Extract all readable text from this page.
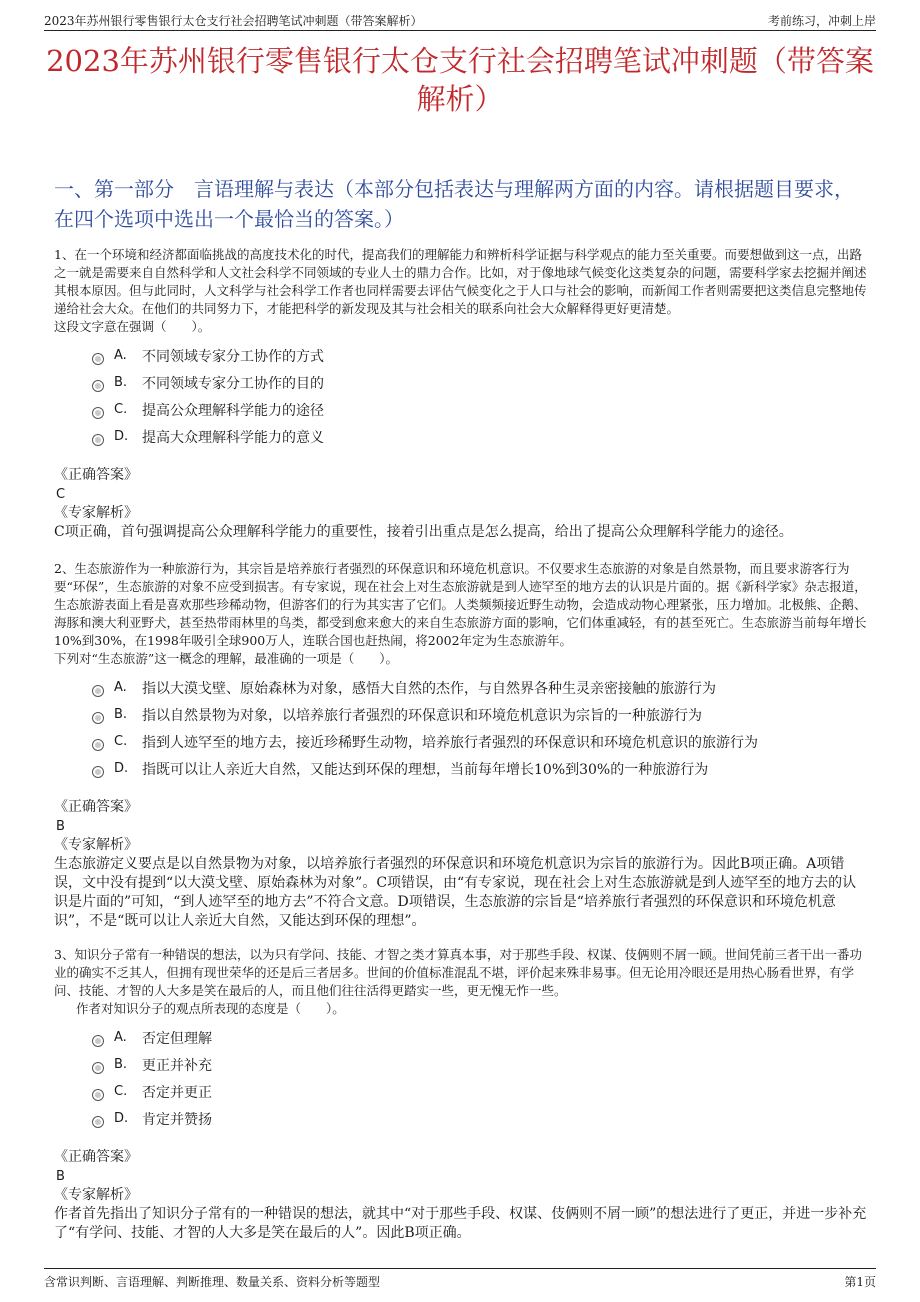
2023年苏州银行零售银行太仓支行社会招聘笔试冲刺题（带答案解析）	考前练习，冲刺上岸
2023年苏州银行零售银行太仓支行社会招聘笔试冲刺题（带答案解析）
一、第一部分　言语理解与表达（本部分包括表达与理解两方面的内容。请根据题目要求，在四个选项中选出一个最恰当的答案。）
1、在一个环境和经济都面临挑战的高度技术化的时代，提高我们的理解能力和辨析科学证据与科学观点的能力至关重要。而要想做到这一点，出路之一就是需要来自自然科学和人文社会科学不同领域的专业人士的鼎力合作。比如，对于像地球气候变化这类复杂的问题，需要科学家去挖掘并阐述其根本原因。但与此同时，人文科学与社会科学工作者也同样需要去评估气候变化之于人口与社会的影响，而新闻工作者则需要把这类信息完整地传递给社会大众。在他们的共同努力下，才能把科学的新发现及其与社会相关的联系向社会大众解释得更好更清楚。
这段文字意在强调（　　）。
A.	不同领域专家分工协作的方式
B.	不同领域专家分工协作的目的
C.	提高公众理解科学能力的途径
D. 提高大众理解科学能力的意义
《正确答案》
C
《专家解析》
C项正确，首句强调提高公众理解科学能力的重要性，接着引出重点是怎么提高，给出了提高公众理解科学能力的途径。
2、生态旅游作为一种旅游行为，其宗旨是培养旅行者强烈的环保意识和环境危机意识。不仅要求生态旅游的对象是自然景物，而且要求游客行为要“环保”，生态旅游的对象不应受到损害。有专家说，现在社会上对生态旅游就是到人迹罕至的地方去的认识是片面的。据《新科学家》杂志报道，生态旅游表面上看是喜欢那些珍稀动物，但游客们的行为其实害了它们。人类频频接近野生动物，会造成动物心理紧张，压力增加。北极熊、企鹅、海豚和澳大利亚野犬，甚至热带雨林里的鸟类，都受到愈来愈大的来自生态旅游方面的影响，它们体重减轻，有的甚至死亡。生态旅游当前每年增长10%到30%，在1998年吸引全球900万人，连联合国也赶热闹，将2002年定为生态旅游年。
下列对“生态旅游”这一概念的理解，最准确的一项是（　　）。
A.	指以大漠戈壁、原始森林为对象，感悟大自然的杰作，与自然界各种生灵亲密接触的旅游行为
B.	指以自然景物为对象，以培养旅行者强烈的环保意识和环境危机意识为宗旨的一种旅游行为
C.	指到人迹罕至的地方去，接近珍稀野生动物，培养旅行者强烈的环保意识和环境危机意识的旅游行为
D. 指既可以让人亲近大自然，又能达到环保的理想，当前每年增长10%到30%的一种旅游行为
《正确答案》
B
《专家解析》
生态旅游定义要点是以自然景物为对象，以培养旅行者强烈的环保意识和环境危机意识为宗旨的旅游行为。因此B项正确。A项错误，文中没有提到“以大漠戈壁、原始森林为对象”。C项错误，由“有专家说，现在社会上对生态旅游就是到人迹罕至的地方去的认识是片面的”可知，“到人迹罕至的地方去”不符合文意。D项错误，生态旅游的宗旨是“培养旅行者强烈的环保意识和环境危机意识”，不是“既可以让人亲近大自然，又能达到环保的理想”。
3、知识分子常有一种错误的想法，以为只有学问、技能、才智之类才算真本事，对于那些手段、权谋、伎俩则不屑一顾。世间凭前三者干出一番功业的确实不乏其人，但拥有现世荣华的还是后三者居多。世间的价值标准混乱不堪，评价起来殊非易事。但无论用冷眼还是用热心肠看世界，有学问、技能、才智的人大多是笑在最后的人，而且他们往往活得更踏实一些，更无愧无怍一些。
作者对知识分子的观点所表现的态度是（　　）。
A.	否定但理解
B.	更正并补充
C.	否定并更正
D. 肯定并赞扬
《正确答案》
B
《专家解析》
作者首先指出了知识分子常有的一种错误的想法，就其中“对于那些手段、权谋、伎俩则不屑一顾”的想法进行了更正，并进一步补充了“有学问、技能、才智的人大多是笑在最后的人”。因此B项正确。
含常识判断、言语理解、判断推理、数量关系、资料分析等题型	第1页
